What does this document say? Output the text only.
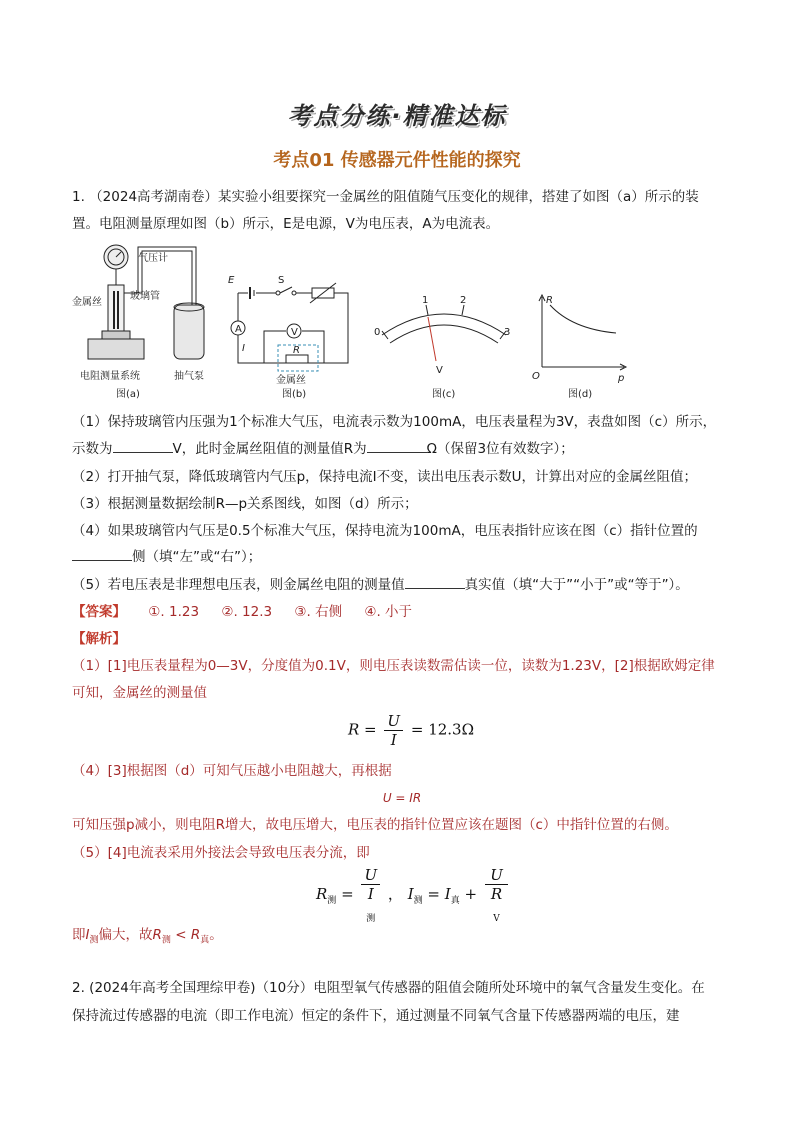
考点分练·精准达标
考点01 传感器元件性能的探究

1. （2024高考湖南卷）某实验小组要探究一金属丝的阻值随气压变化的规律，搭建了如图（a）所示的装

置。电阻测量原理如图（b）所示，E是电源，V为电压表，A为电流表。

气压计
玻璃管
金属丝
电阻测量系统	抽气泵
图(a)
E	S
A	V
I	R
金属丝
图(b)
0
1	2
3
V
图(c)
R
O	p
图(d)

（1）保持玻璃管内压强为1个标准大气压，电流表示数为100mA，电压表量程为3V，表盘如图（c）所示，

示数为	V，此时金属丝阻值的测量值R为	Ω（保留3位有效数字）；

（2）打开抽气泵，降低玻璃管内气压p，保持电流I不变，读出电压表示数U，计算出对应的金属丝阻值；

（3）根据测量数据绘制R—p关系图线，如图（d）所示；

（4）如果玻璃管内气压是0.5个标准大气压，保持电流为100mA，电压表指针应该在图（c）指针位置的

侧（填“左”或“右”）；

（5）若电压表是非理想电压表，则金属丝电阻的测量值	真实值（填“大于”“小于”或“等于”）。

【答案】 ①. 1.23 ②. 12.3 ③. 右侧 ④. 小于

【解析】

（1）[1]电压表量程为0—3V，分度值为0.1V，则电压表读数需估读一位，读数为1.23V，[2]根据欧姆定律

可知，金属丝的测量值

$R = \frac{U}{I} = 12.3\Omega$

（4）[3]根据图（d）可知气压越小电阻越大，再根据

U = IR

可知压强p减小，则电阻R增大，故电压增大，电压表的指针位置应该在题图（c）中指针位置的右侧。

（5）[4]电流表采用外接法会导致电压表分流，即

$R_测 = U$
I
$_测$ ， $I_测 = I_真 + U$
R
$_V$

即$I_测$偏大，故$R_测 < R_真$。

2. (2024年高考全国理综甲卷)（10分）电阻型氧气传感器的阻值会随所处环境中的氧气含量发生变化。在

保持流过传感器的电流（即工作电流）恒定的条件下，通过测量不同氧气含量下传感器两端的电压，建
